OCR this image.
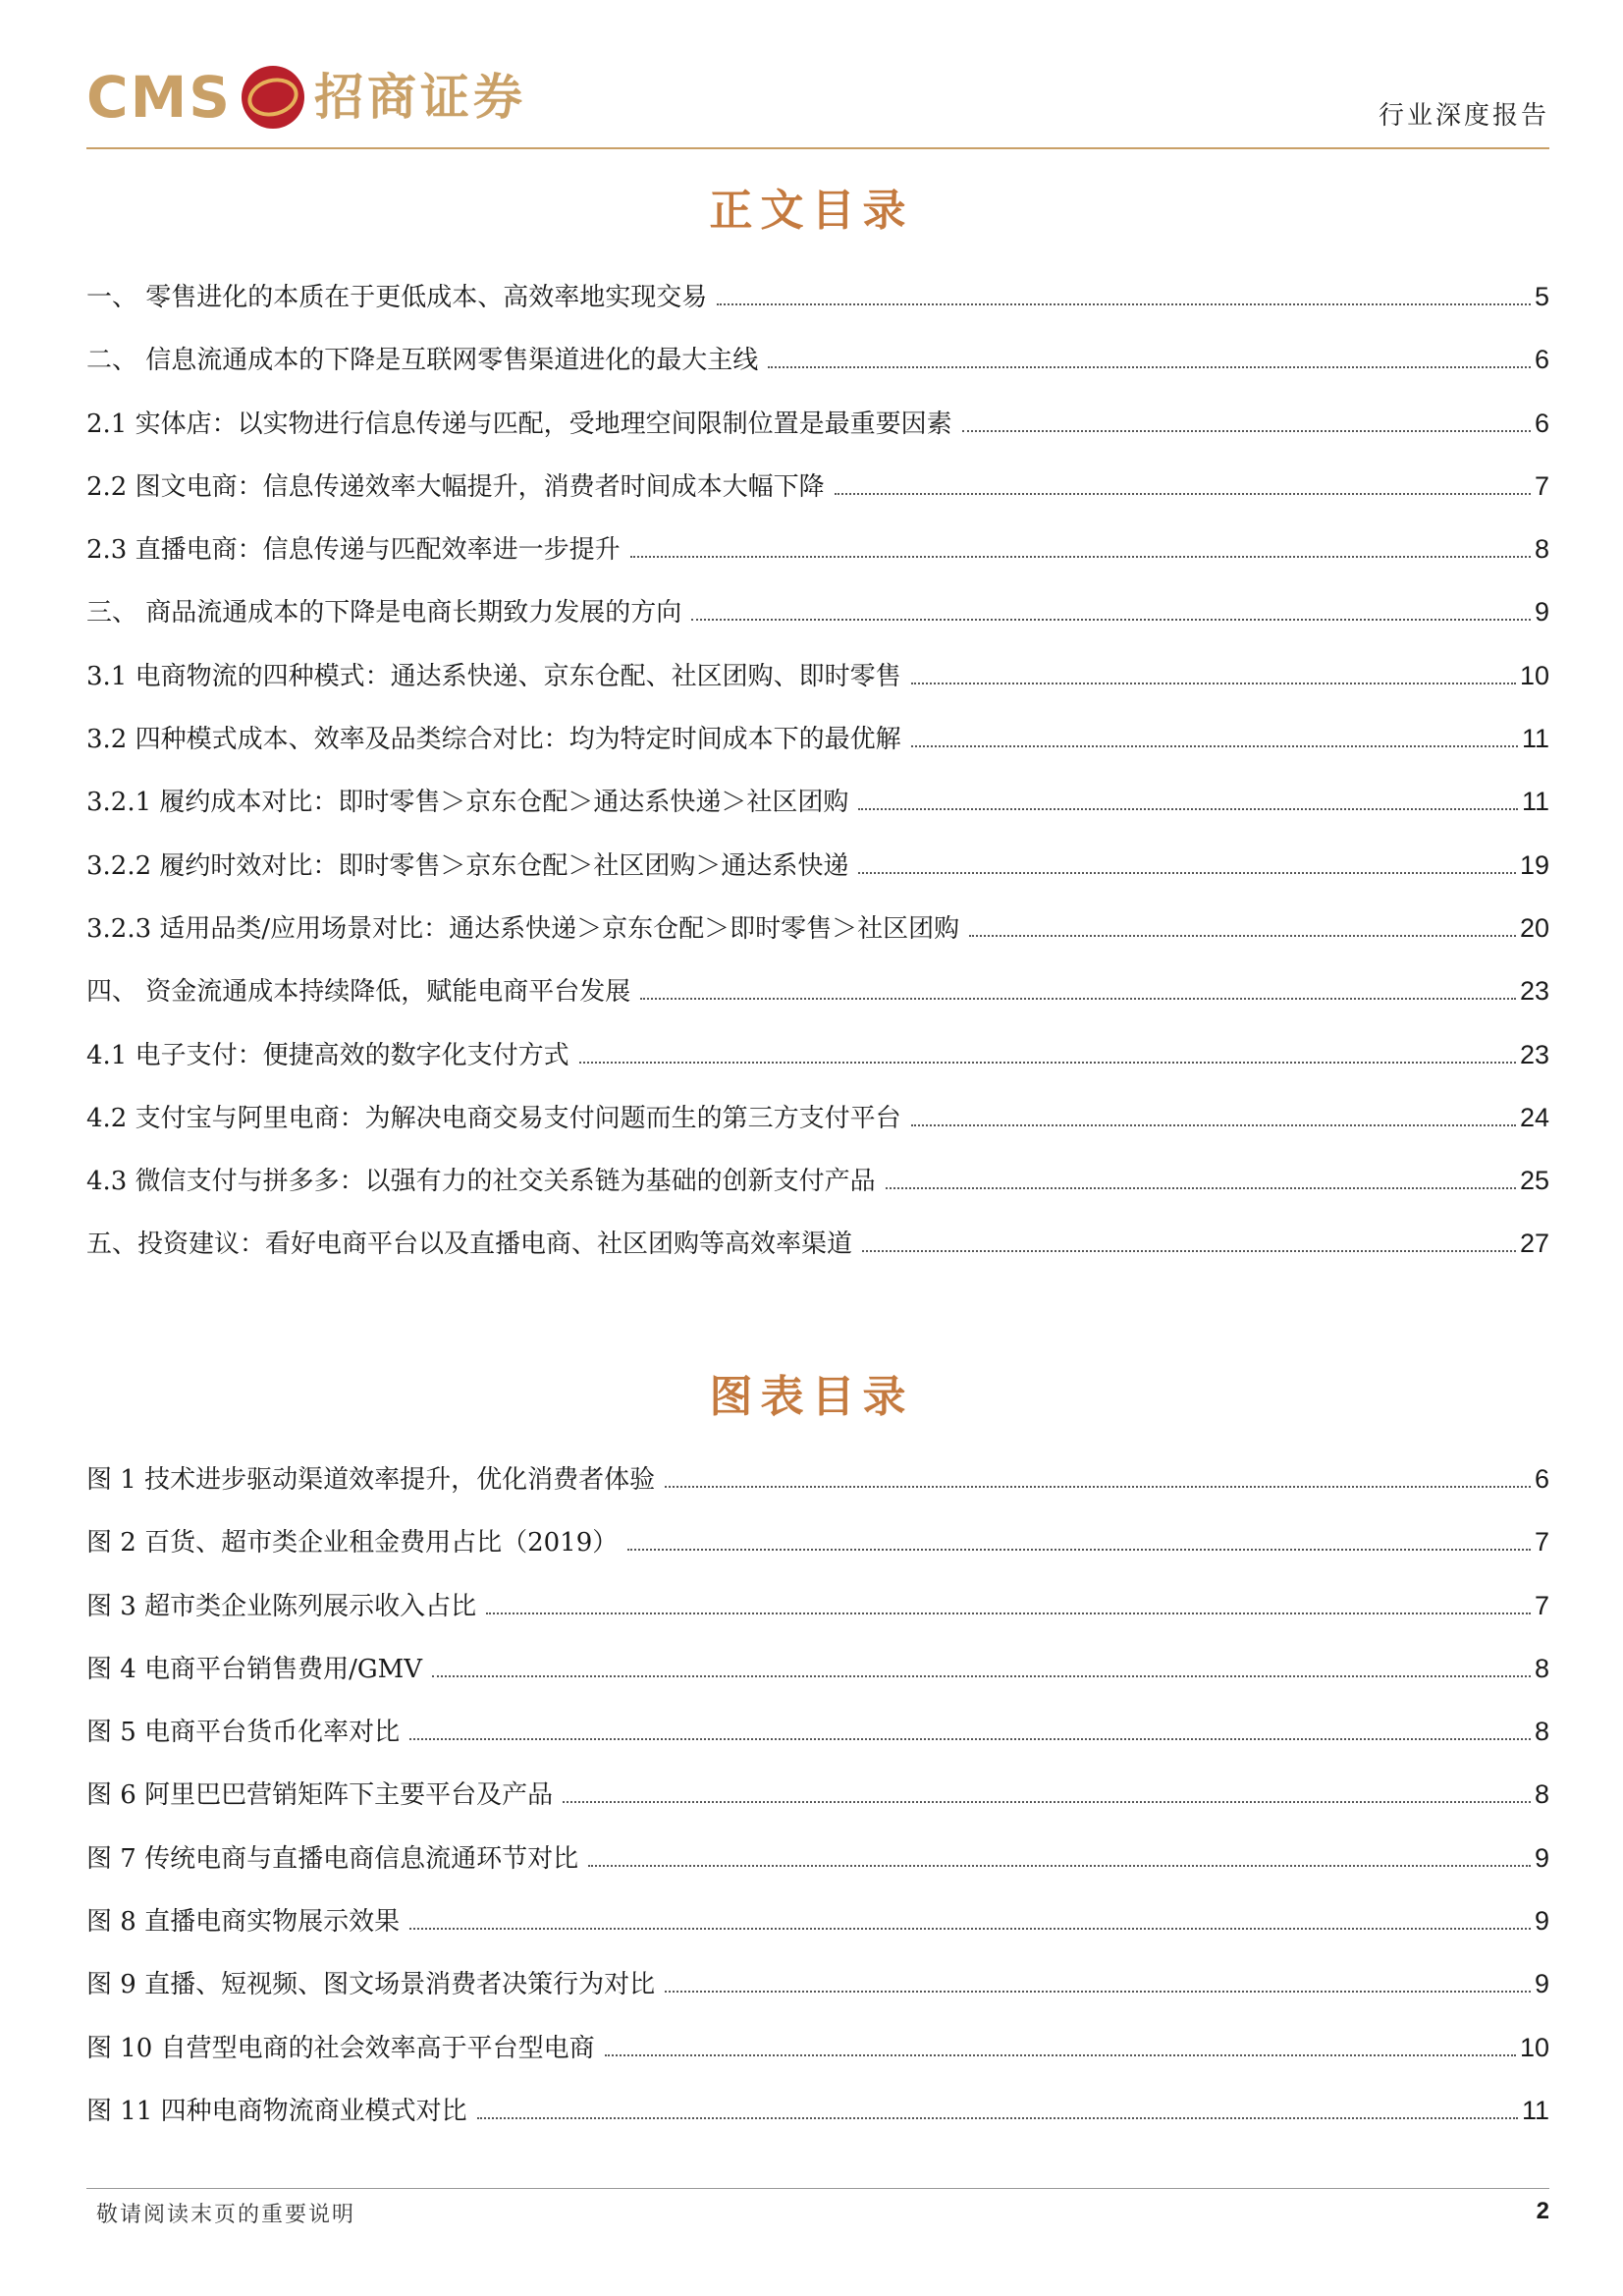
CMS 招商证券	行业深度报告
正文目录
一、 零售进化的本质在于更低成本、高效率地实现交易	5
二、 信息流通成本的下降是互联网零售渠道进化的最大主线	6
2.1 实体店：以实物进行信息传递与匹配，受地理空间限制位置是最重要因素	6
2.2 图文电商：信息传递效率大幅提升，消费者时间成本大幅下降	7
2.3 直播电商：信息传递与匹配效率进一步提升	8
三、 商品流通成本的下降是电商长期致力发展的方向	9
3.1 电商物流的四种模式：通达系快递、京东仓配、社区团购、即时零售	10
3.2 四种模式成本、效率及品类综合对比：均为特定时间成本下的最优解	11
3.2.1 履约成本对比：即时零售＞京东仓配＞通达系快递＞社区团购	11
3.2.2 履约时效对比：即时零售＞京东仓配＞社区团购＞通达系快递	19
3.2.3 适用品类/应用场景对比：通达系快递＞京东仓配＞即时零售＞社区团购	20
四、 资金流通成本持续降低，赋能电商平台发展	23
4.1 电子支付：便捷高效的数字化支付方式	23
4.2 支付宝与阿里电商：为解决电商交易支付问题而生的第三方支付平台	24
4.3 微信支付与拼多多：以强有力的社交关系链为基础的创新支付产品	25
五、投资建议：看好电商平台以及直播电商、社区团购等高效率渠道	27
图表目录
图 1 技术进步驱动渠道效率提升，优化消费者体验	6
图 2 百货、超市类企业租金费用占比（2019）	7
图 3 超市类企业陈列展示收入占比	7
图 4 电商平台销售费用/GMV	8
图 5 电商平台货币化率对比	8
图 6 阿里巴巴营销矩阵下主要平台及产品	8
图 7 传统电商与直播电商信息流通环节对比	9
图 8 直播电商实物展示效果	9
图 9 直播、短视频、图文场景消费者决策行为对比	9
图 10 自营型电商的社会效率高于平台型电商	10
图 11 四种电商物流商业模式对比	11
敬请阅读末页的重要说明	2
